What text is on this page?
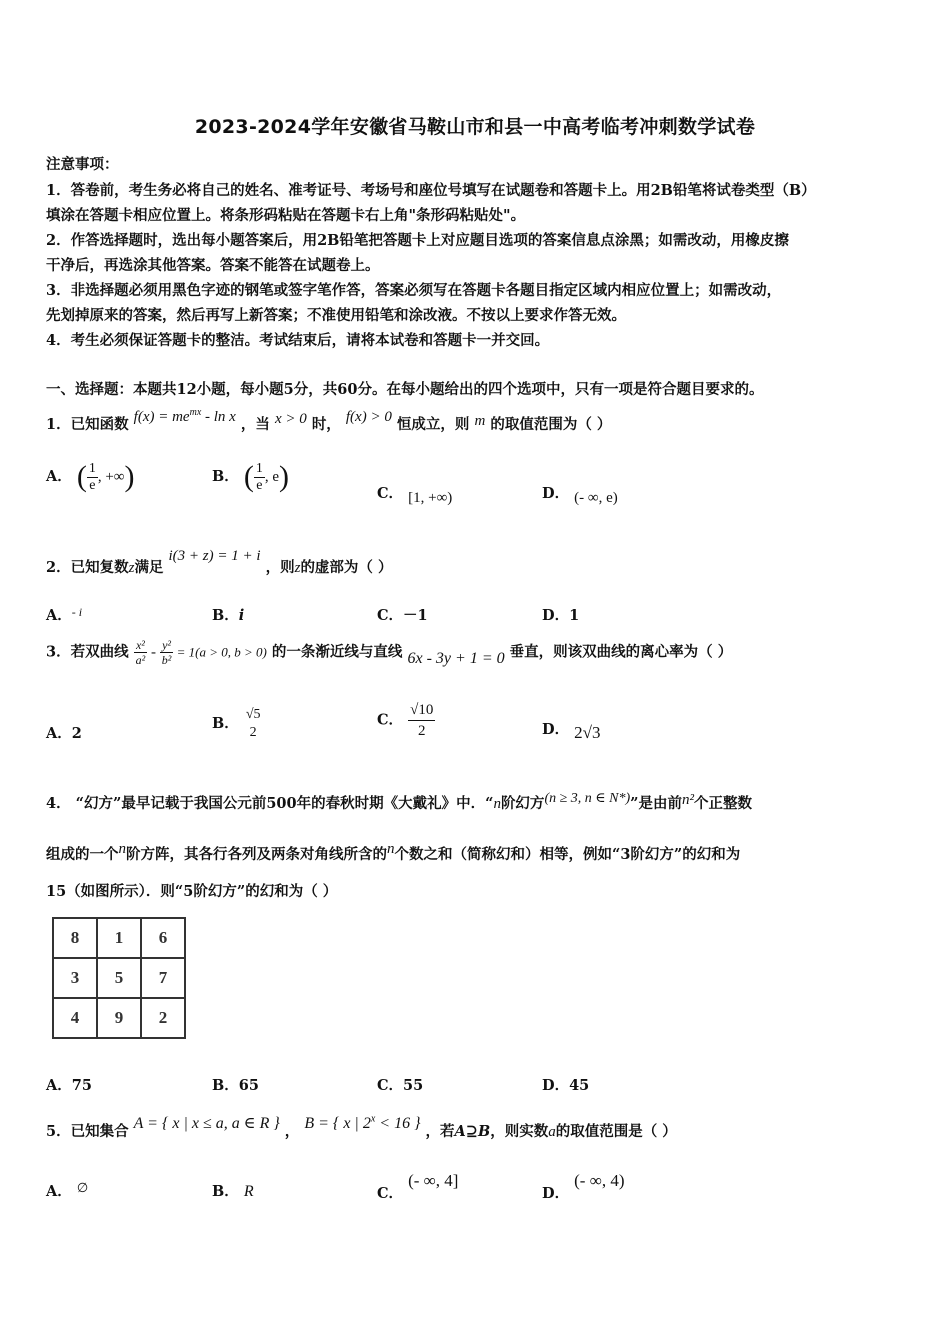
2023-2024学年安徽省马鞍山市和县一中高考临考冲刺数学试卷
注意事项：
1．答卷前，考生务必将自己的姓名、准考证号、考场号和座位号填写在试题卷和答题卡上。用2B铅笔将试卷类型（B）
填涂在答题卡相应位置上。将条形码粘贴在答题卡右上角"条形码粘贴处"。
2．作答选择题时，选出每小题答案后，用2B铅笔把答题卡上对应题目选项的答案信息点涂黑；如需改动，用橡皮擦
干净后，再选涂其他答案。答案不能答在试题卷上。
3．非选择题必须用黑色字迹的钢笔或签字笔作答，答案必须写在答题卡各题目指定区域内相应位置上；如需改动，
先划掉原来的答案，然后再写上新答案；不准使用铅笔和涂改液。不按以上要求作答无效。
4．考生必须保证答题卡的整洁。考试结束后，请将本试卷和答题卡一并交回。
一、选择题：本题共12小题，每小题5分，共60分。在每小题给出的四个选项中，只有一项是符合题目要求的。
1．已知函数 $f(x) = me^{mx} - \ln x$ ，当 x > 0 时， f(x) > 0 恒成立，则 m 的取值范围为（ ）
A． ( $\frac{1}{e}$ , +∞)	B． ( $\frac{1}{e}$ , e)
C． [1, +∞)	D． (- ∞, e)
2．已知复数z满足 i(3 + z) = 1 + i ，则z的虚部为（ ）
A．$^{- i}$	B．i	C．－1	D．1
3．若双曲线 $\frac{\text{x²}}{\text{a²}} - \frac{\text{y²}}{\text{b²}} = 1(a > 0$, b > 0) 的一条渐近线与直线 6x - 3y + 1 = 0 垂直，则该双曲线的离心率为（ ）
A．2
B．
√5
2
C． $\frac{√10}{2}$	D． 2√3
4． “幻方”最早记载于我国公元前500年的春秋时期《大戴礼》中．“n阶幻方(n ≥ 3, n ∈ N*)”是由前n²个正整数
组成的一个n阶方阵，其各行各列及两条对角线所含的n个数之和（简称幻和）相等，例如“3阶幻方”的幻和为
15（如图所示）．则“5阶幻方”的幻和为（ ）
8	1	6
3	5	7
4	9	2
A．75	B．65	C．55	D．45
5．已知集合 A = { x | x ≤ a, a ∈ R } ， B = { x | $2^x < 16$ } ，若A⊇B，则实数a的取值范围是（ ）
A． ∅	B． R	C． (- ∞, 4]
D． (- ∞, 4)
